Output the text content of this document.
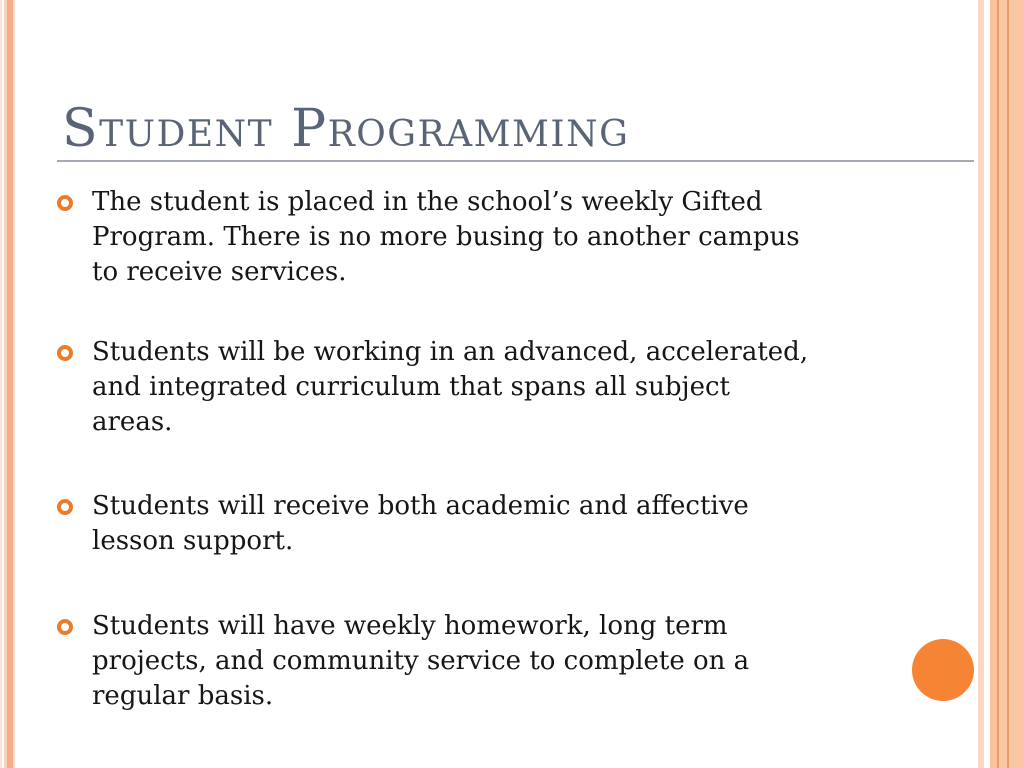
Student Programming
The student is placed in the school’s weekly Gifted
Program. There is no more busing to another campus
to receive services.
Students will be working in an advanced, accelerated,
and integrated curriculum that spans all subject
areas.
Students will receive both academic and affective
lesson support.
Students will have weekly homework, long term
projects, and community service to complete on a
regular basis.
